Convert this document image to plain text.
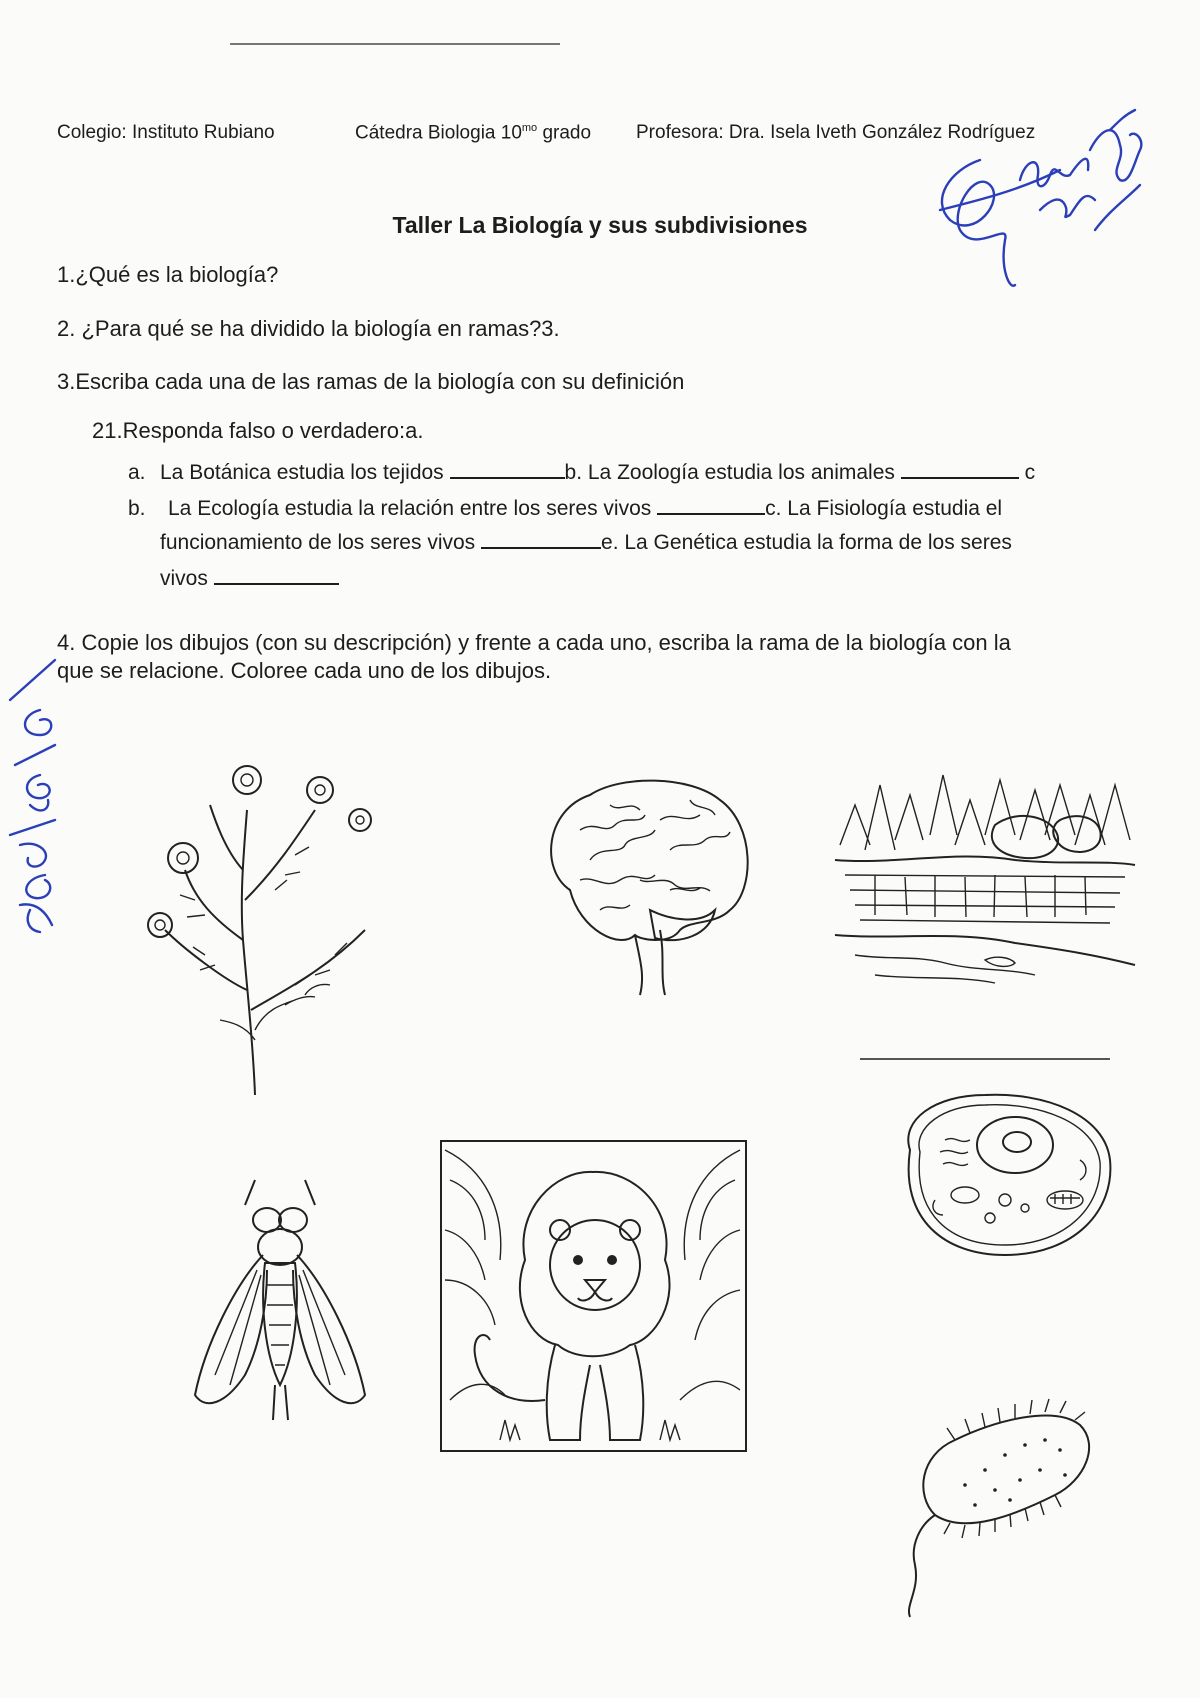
Colegio: Instituto Rubiano	Cátedra Biologia $10^{mo}$ grado Profesora: Dra. Isela Iveth González Rodríguez
Taller La Biología y sus subdivisiones
1.¿Qué es la biología?
2. ¿Para qué se ha dividido la biología en ramas?3.
3.Escriba cada una de las ramas de la biología con su definición
21.Responda falso o verdadero:a.
a. La Botánica estudia los tejidos	b. La Zoología estudia los animales	c
b. La Ecología estudia la relación entre los seres vivos	c. La Fisiología estudia el
funcionamiento de los seres vivos	e. La Genética estudia la forma de los seres
vivos
4. Copie los dibujos (con su descripción) y frente a cada uno, escriba la rama de la biología con la
que se relacione. Coloree cada uno de los dibujos.
